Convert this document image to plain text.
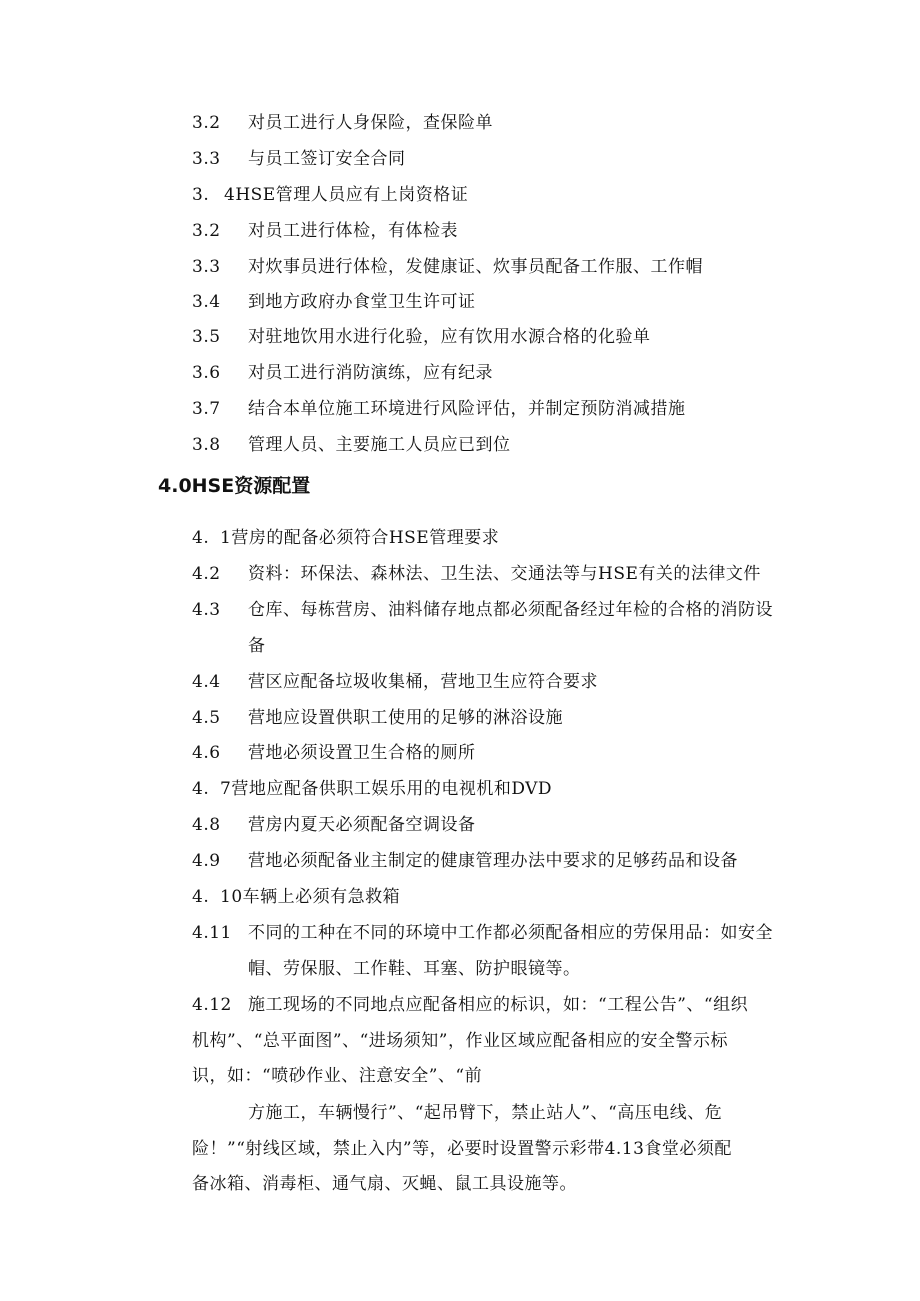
3.2 对员工进行人身保险，查保险单
3.3 与员工签订安全合同
3. 4HSE管理人员应有上岗资格证
3.2 对员工进行体检，有体检表
3.3 对炊事员进行体检，发健康证、炊事员配备工作服、工作帽
3.4 到地方政府办食堂卫生许可证
3.5 对驻地饮用水进行化验，应有饮用水源合格的化验单
3.6 对员工进行消防演练，应有纪录
3.7 结合本单位施工环境进行风险评估，并制定预防消减措施
3.8 管理人员、主要施工人员应已到位
4.0HSE资源配置
4. 1营房的配备必须符合HSE管理要求
4.2 资料：环保法、森林法、卫生法、交通法等与HSE有关的法律文件
4.3 仓库、每栋营房、油料储存地点都必须配备经过年检的合格的消防设
备
4.4 营区应配备垃圾收集桶，营地卫生应符合要求
4.5 营地应设置供职工使用的足够的淋浴设施
4.6 营地必须设置卫生合格的厕所
4. 7营地应配备供职工娱乐用的电视机和DVD
4.8 营房内夏天必须配备空调设备
4.9 营地必须配备业主制定的健康管理办法中要求的足够药品和设备
4. 10车辆上必须有急救箱
4.11 不同的工种在不同的环境中工作都必须配备相应的劳保用品：如安全
帽、劳保服、工作鞋、耳塞、防护眼镜等。
4.12 施工现场的不同地点应配备相应的标识，如：“工程公告”、“组织
机构”、“总平面图”、“进场须知”，作业区域应配备相应的安全警示标
识，如：“喷砂作业、注意安全”、“前
方施工，车辆慢行”、“起吊臂下，禁止站人”、“高压电线、危
险！”“射线区域，禁止入内”等，必要时设置警示彩带4.13食堂必须配
备冰箱、消毒柜、通气扇、灭蝇、鼠工具设施等。
